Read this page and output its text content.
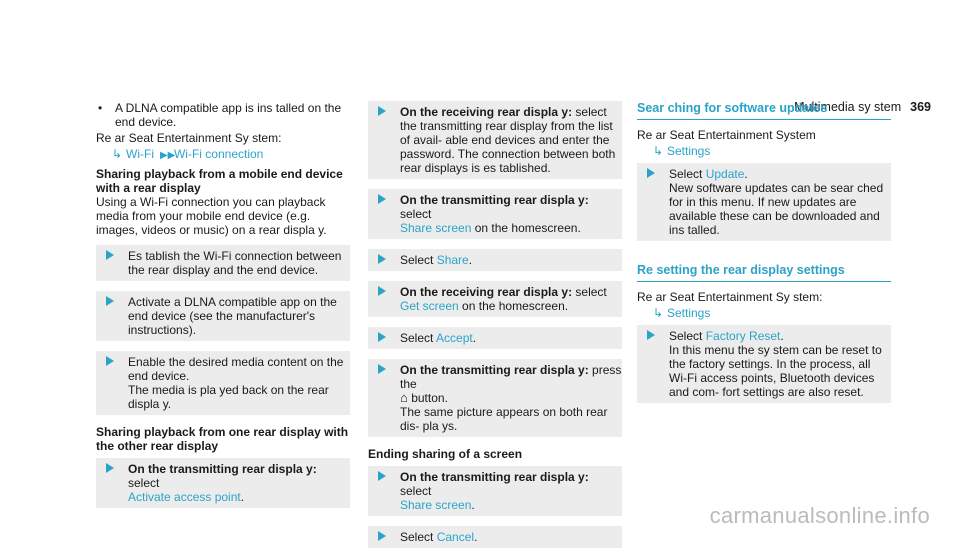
Multimedia sy stem 369

• A DLNA compatible app is ins talled on the end device.

Re ar Seat Entertainment Sy stem:

↳ Wi-Fi ▶▶Wi-Fi connection

Sharing playback from a mobile end device with a rear display

Using a Wi-Fi connection you can playback media from your mobile end device (e.g. images, videos or music) on a rear displa y.

Es tablish the Wi-Fi connection between the rear display and the end device.
Activate a DLNA compatible app on the end device (see the manufacturer's instructions).
Enable the desired media content on the end device.
The media is pla yed back on the rear displa y.

Sharing playback from one rear display with the other rear display

On the transmitting rear displa y: select
Activate access point.
On the receiving rear displa y: select the transmitting rear display from the list of avail‐ able end devices and enter the password. The connection between both rear displays is es tablished.
On the transmitting rear displa y: select
Share screen on the homescreen.
Select Share.
On the receiving rear displa y: select Get screen on the homescreen.
Select Accept.
On the transmitting rear displa y: press the
⌂ button.
The same picture appears on both rear dis‐ pla ys.

Ending sharing of a screen

On the transmitting rear displa y: select
Share screen.
Select Cancel.
Sear ching for software updates

Re ar Seat Entertainment System

↳ Settings
Select Update.
New software updates can be sear ched for in this menu. If new updates are available these can be downloaded and ins talled.
Re setting the rear display settings

Re ar Seat Entertainment Sy stem:

↳ Settings
Select Factory Reset.
In this menu the sy stem can be reset to the factory settings. In the process, all Wi-Fi access points, Bluetooth devices and com‐ fort settings are also reset.
carmanualsonline.info
